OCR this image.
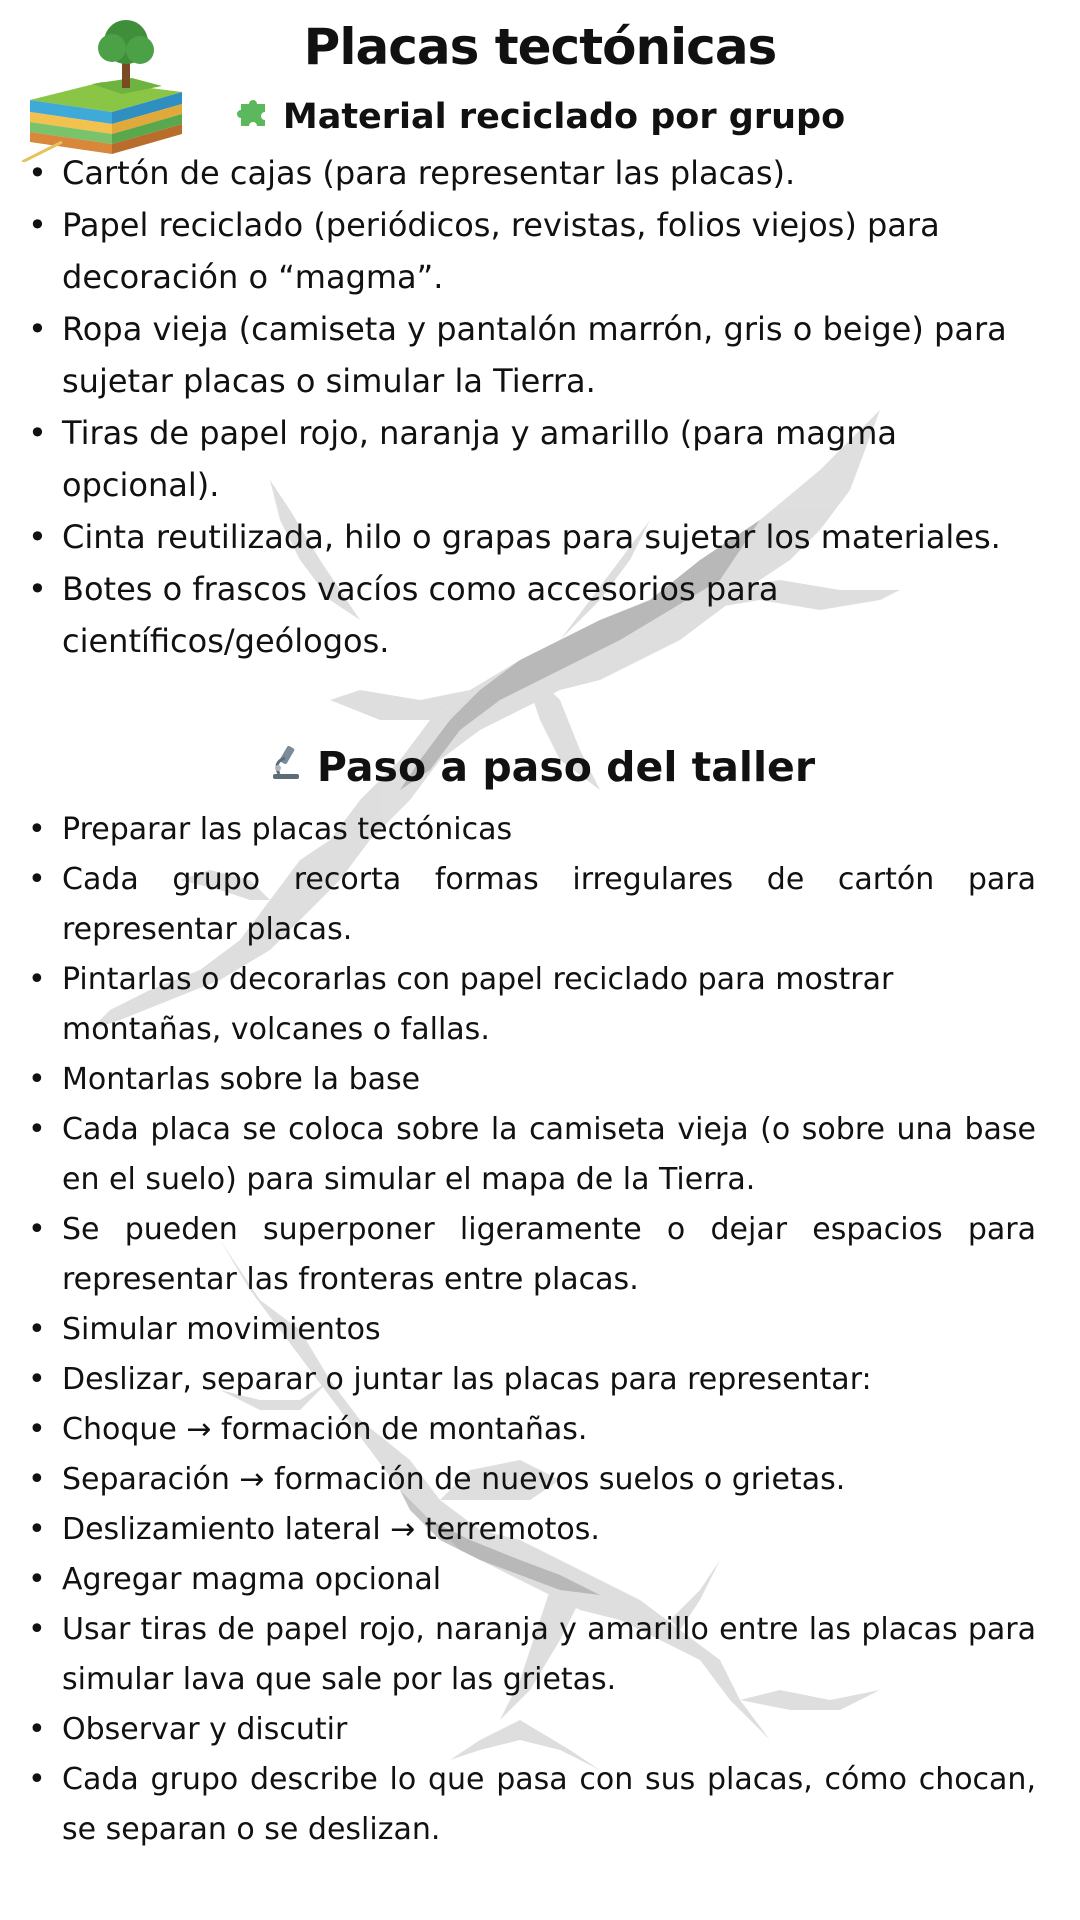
Placas tectónicas
Material reciclado por grupo
• Cartón de cajas (para representar las placas).
• Papel reciclado (periódicos, revistas, folios viejos) para decoración o “magma”.
• Ropa vieja (camiseta y pantalón marrón, gris o beige) para sujetar placas o simular la Tierra.
• Tiras de papel rojo, naranja y amarillo (para magma opcional).
• Cinta reutilizada, hilo o grapas para sujetar los materiales.
• Botes o frascos vacíos como accesorios para científicos/geólogos.
Paso a paso del taller
• Preparar las placas tectónicas
• Cada grupo recorta formas irregulares de cartón para representar placas.
• Pintarlas o decorarlas con papel reciclado para mostrar montañas, volcanes o fallas.
• Montarlas sobre la base
• Cada placa se coloca sobre la camiseta vieja (o sobre una base en el suelo) para simular el mapa de la Tierra.
• Se pueden superponer ligeramente o dejar espacios para representar las fronteras entre placas.
• Simular movimientos
• Deslizar, separar o juntar las placas para representar:
• Choque → formación de montañas.
• Separación → formación de nuevos suelos o grietas.
• Deslizamiento lateral → terremotos.
• Agregar magma opcional
• Usar tiras de papel rojo, naranja y amarillo entre las placas para simular lava que sale por las grietas.
• Observar y discutir
• Cada grupo describe lo que pasa con sus placas, cómo chocan, se separan o se deslizan.
